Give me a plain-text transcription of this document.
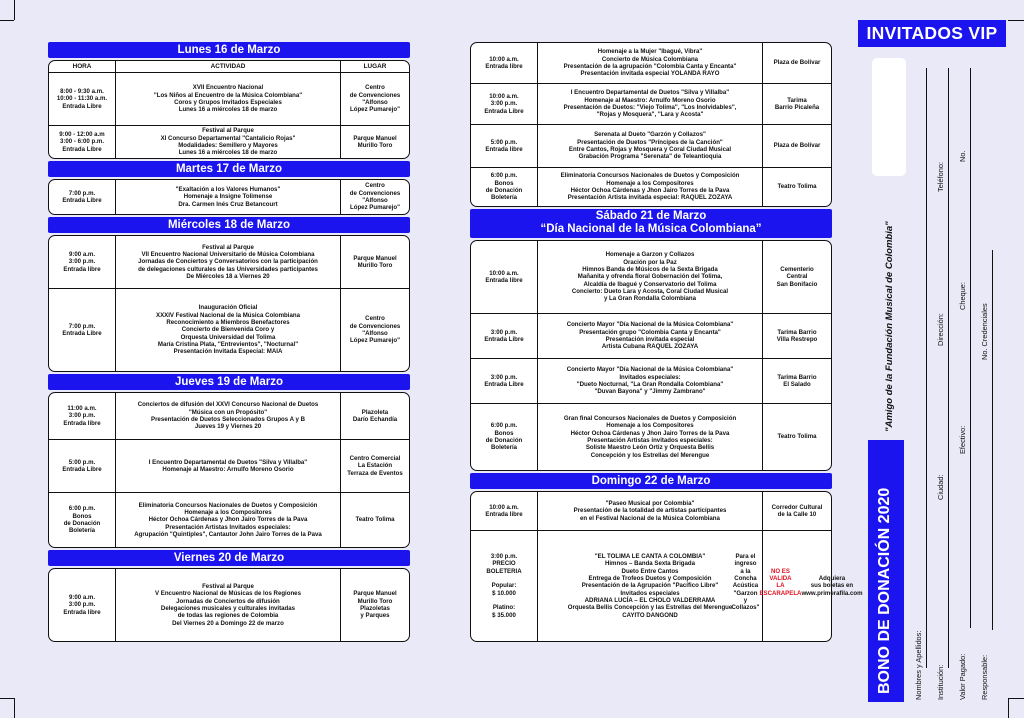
Lunes 16 de Marzo
HORA	ACTIVIDAD	LUGAR
8:00 - 9:30 a.m.
10:00 - 11:30 a.m.
Entrada Libre
XVII Encuentro Nacional
"Los Niños al Encuentro de la Música Colombiana"
Coros y Grupos Invitados Especiales
Lunes 16 a miércoles 18 de marzo
Centro
de Convenciones
"Alfonso
López Pumarejo"
9:00 - 12:00 a.m
3:00 - 6:00 p.m.
Entrada Libre
Festival al Parque
XI Concurso Departamental "Cantalicio Rojas"
Modalidades: Semillero y Mayores
Lunes 16 a miércoles 18 de marzo
Parque Manuel
Murillo Toro
Martes 17 de Marzo
7:00 p.m.
Entrada Libre
"Exaltación a los Valores Humanos"
Homenaje a Insigne Tolimense
Dra. Carmen Inés Cruz Betancourt
Centro
de Convenciones
"Alfonso
López Pumarejo"
Miércoles 18 de Marzo
9:00 a.m.
3:00 p.m.
Entrada libre
Festival al Parque
VII Encuentro Nacional Universitario de Música Colombiana
Jornadas de Conciertos y Conversatorios con la participación
de delegaciones culturales de las Universidades participantes
De Miércoles 18 a Viernes 20
Parque Manuel
Murillo Toro
7:00 p.m.
Entrada Libre
Inauguración Oficial
XXXIV Festival Nacional de la Música Colombiana
Reconocimiento a Miembros Benefactores
Concierto de Bienvenida Coro y
Orquesta Universidad del Tolima
María Cristina Plata, "Entrevientos", "Nocturnal"
Presentación Invitada Especial: MAIA
Centro
de Convenciones
"Alfonso
López Pumarejo"
Jueves 19 de Marzo
11:00 a.m.
3:00 p.m.
Entrada libre
Conciertos de difusión del XXVI Concurso Nacional de Duetos
"Música con un Propósito"
Presentación de Duetos Seleccionados Grupos A y B
Jueves 19 y Viernes 20
Plazoleta
Darío Echandía
5:00 p.m.
Entrada Libre
I Encuentro Departamental de Duetos "Silva y Villalba"
Homenaje al Maestro: Arnulfo Moreno Osorio
Centro Comercial
La Estación
Terraza de Eventos
6:00 p.m.
Bonos
de Donación
Boletería
Eliminatoria Concursos Nacionales de Duetos y Composición
Homenaje a los Compositores
Héctor Ochoa Cárdenas y Jhon Jairo Torres de la Pava
Presentación Artistas Invitados especiales:
Agrupación "Quintiples", Cantautor John Jairo Torres de la Pava
Teatro Tolima
Viernes 20 de Marzo
9:00 a.m.
3:00 p.m.
Entrada libre
Festival al Parque
V Encuentro Nacional de Músicas de los Regiones
Jornadas de Conciertos de difusión
Delegaciones musicales y culturales invitadas
de todas las regiones de Colombia
Del Viernes 20 a Domingo 22 de marzo
Parque Manuel
Murillo Toro
Plazoletas
y Parques
10:00 a.m.
Entrada libre
Homenaje a la Mujer "Ibagué, Vibra"
Concierto de Música Colombiana
Presentación de la agrupación "Colombia Canta y Encanta"
Presentación invitada especial YOLANDA RAYO
Plaza de Bolívar
10:00 a.m.
3:00 p.m.
Entrada Libre
I Encuentro Departamental de Duetos "Silva y Villalba"
Homenaje al Maestro: Arnulfo Moreno Osorio
Presentación de Duetos: "Viejo Tolima", "Los Inolvidables",
"Rojas y Mosquera", "Lara y Acosta"
Tarima
Barrio Picaleña
5:00 p.m.
Entrada libre
Serenata al Dueto "Garzón y Collazos"
Presentación de Duetos "Príncipes de la Canción"
Entre Cantos, Rojas y Mosquera y Coral Ciudad Musical
Grabación Programa "Serenata" de Teleantioquia
Plaza de Bolívar
6:00 p.m.
Bonos
de Donación
Boletería
Eliminatoria Concursos Nacionales de Duetos y Composición
Homenaje a los Compositores
Héctor Ochoa Cárdenas y Jhon Jairo Torres de la Pava
Presentación Artista invitada especial: RAQUEL ZOZAYA
Teatro Tolima
Sábado 21 de Marzo
“Día Nacional de la Música Colombiana”
10:00 a.m.
Entrada libre
Homenaje a Garzon y Collazos
Oración por la Paz
Himnos Banda de Músicos de la Sexta Brigada
Mañanita y ofrenda floral Gobernación del Tolima,
Alcaldía de Ibagué y Conservatorio del Tolima
Concierto: Dueto Lara y Acosta, Coral Ciudad Musical
y La Gran Rondalla Colombiana
Cementerio
Central
San Bonifacio
3:00 p.m.
Entrada Libre
Concierto Mayor "Día Nacional de la Música Colombiana"
Presentación grupo "Colombia Canta y Encanta"
Presentación invitada especial
Artista Cubana RAQUEL ZOZAYA
Tarima Barrio
Villa Restrepo
3:00 p.m.
Entrada Libre
Concierto Mayor "Día Nacional de la Música Colombiana"
Invitados especiales:
"Dueto Nocturnal, "La Gran Rondalla Colombiana"
"Duvan Bayona" y "Jimmy Zambrano"
Tarima Barrio
El Salado
6:00 p.m.
Bonos
de Donación
Boletería
Gran final Concursos Nacionales de Duetos y Composición
Homenaje a los Compositores
Héctor Ochoa Cárdenas y Jhon Jairo Torres de la Pava
Presentación Artistas invitados especiales:
Soliste Maestro León Ortiz y Orquesta Bellis
Concepción y los Estrellas del Merengue
Teatro Tolima
Domingo 22 de Marzo
10:00 a.m.
Entrada libre
"Paseo Musical por Colombia"
Presentación de la totalidad de artistas participantes
en el Festival Nacional de la Música Colombiana
Corredor Cultural
de la Calle 10
3:00 p.m.
PRECIO
BOLETERIA

Popular:
$ 10.000

Platino:
$ 35.000
"EL TOLIMA LE CANTA A COLOMBIA"
Himnos – Banda Sexta Brigada
Dueto Entre Cantos
Entrega de Trofeos Duetos y Composición
Presentación de la Agrupación "Pacífico Libre"
Invitados especiales
ADRIANA LUCÍA – EL CHOLO VALDERRAMA
Orquesta Bellis Concepción y las Estrellas del Merengue
CAYITO DANGOND
Para el ingreso
a la Concha
Acústica
"Garzon y Collazos"

NO ES VALIDA
LA ESCARAPELA

Adquiera
sus boletas en
www.primerafila.com
INVITADOS VIP
BONO DE DONACIÓN 2020
"Amigo de la Fundación Musical de Colombia"
Nombres y Apellidos: Institución: Valor Pagado: Responsable:
Ciudad:
Efectivo:
Dirección:
Cheque:
No. Credenciales
Teléfono:
No.
